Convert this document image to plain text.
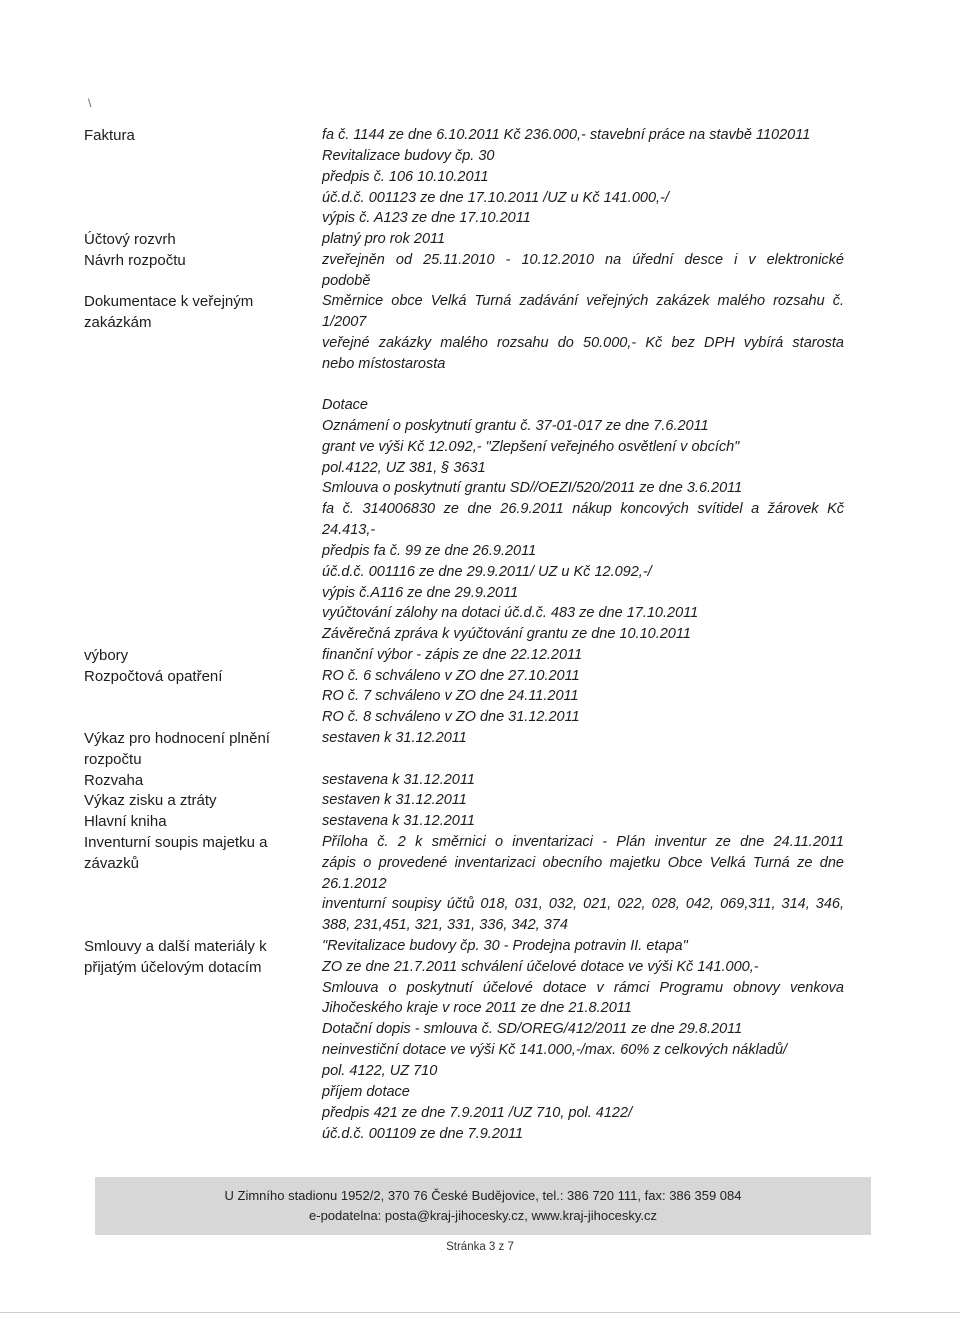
\
Faktura	fa č. 1144 ze dne 6.10.2011 Kč 236.000,- stavební práce na stavbě 1102011
Revitalizace budovy čp. 30
předpis č. 106 10.10.2011
úč.d.č. 001123 ze dne 17.10.2011 /UZ u Kč 141.000,-/
výpis č. A123 ze dne 17.10.2011
Účtový rozvrh	platný pro rok 2011
Návrh rozpočtu	zveřejněn od 25.11.2010 - 10.12.2010 na úřední desce i v elektronické
podobě
Dokumentace k veřejným	Směrnice obce Velká Turná zadávání veřejných zakázek malého rozsahu č.
zakázkám	1/2007
veřejné zakázky malého rozsahu do 50.000,- Kč bez DPH vybírá starosta
nebo místostarosta
Dotace
Oznámení o poskytnutí grantu č. 37-01-017 ze dne 7.6.2011
grant ve výši Kč 12.092,- "Zlepšení veřejného osvětlení v obcích"
pol.4122, UZ 381, § 3631
Smlouva o poskytnutí grantu SD//OEZI/520/2011 ze dne 3.6.2011
fa č. 314006830 ze dne 26.9.2011 nákup koncových svítidel a žárovek Kč
24.413,-
předpis fa č. 99 ze dne 26.9.2011
úč.d.č. 001116 ze dne 29.9.2011/ UZ u Kč 12.092,-/
výpis č.A116 ze dne 29.9.2011
vyúčtování zálohy na dotaci úč.d.č. 483 ze dne 17.10.2011
Závěrečná zpráva k vyúčtování grantu ze dne 10.10.2011
výbory	finanční výbor - zápis ze dne 22.12.2011
Rozpočtová opatření	RO č. 6 schváleno v ZO dne 27.10.2011
RO č. 7 schváleno v ZO dne 24.11.2011
RO č. 8 schváleno v ZO dne 31.12.2011
Výkaz pro hodnocení plnění	sestaven k 31.12.2011
rozpočtu
Rozvaha	sestavena k 31.12.2011
Výkaz zisku a ztráty	sestaven k 31.12.2011
Hlavní kniha	sestavena k 31.12.2011
Inventurní soupis majetku a	Příloha č. 2 k směrnici o inventarizaci - Plán inventur ze dne 24.11.2011
závazků	zápis o provedené inventarizaci obecního majetku Obce Velká Turná ze dne
26.1.2012
inventurní soupisy účtů 018, 031, 032, 021, 022, 028, 042, 069,311, 314, 346,
388, 231,451, 321, 331, 336, 342, 374
Smlouvy a další materiály k	"Revitalizace budovy čp. 30 - Prodejna potravin II. etapa"
přijatým účelovým dotacím	ZO ze dne 21.7.2011 schválení účelové dotace ve výši Kč 141.000,-
Smlouva o poskytnutí účelové dotace v rámci Programu obnovy venkova
Jihočeského kraje v roce 2011 ze dne 21.8.2011
Dotační dopis - smlouva č. SD/OREG/412/2011 ze dne 29.8.2011
neinvestiční dotace ve výši Kč 141.000,-/max. 60% z celkových nákladů/
pol. 4122, UZ 710
příjem dotace
předpis 421 ze dne 7.9.2011 /UZ 710, pol. 4122/
úč.d.č. 001109 ze dne 7.9.2011
U Zimního stadionu 1952/2, 370 76 České Budějovice, tel.: 386 720 111, fax: 386 359 084
e-podatelna: posta@kraj-jihocesky.cz, www.kraj-jihocesky.cz
Stránka 3 z 7
